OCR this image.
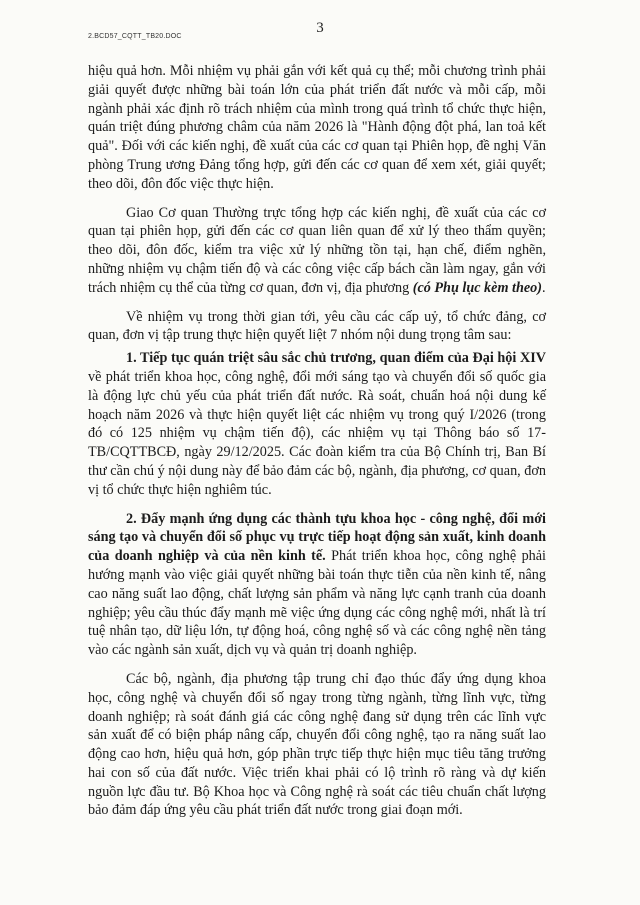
2.BCD57_CQTT_TB20.DOC
3

hiệu quả hơn. Mỗi nhiệm vụ phải gắn với kết quả cụ thể; mỗi chương trình phải giải quyết được những bài toán lớn của phát triển đất nước và mỗi cấp, mỗi ngành phải xác định rõ trách nhiệm của mình trong quá trình tổ chức thực hiện, quán triệt đúng phương châm của năm 2026 là "Hành động đột phá, lan toả kết quả". Đối với các kiến nghị, đề xuất của các cơ quan tại Phiên họp, đề nghị Văn phòng Trung ương Đảng tổng hợp, gửi đến các cơ quan để xem xét, giải quyết; theo dõi, đôn đốc việc thực hiện.

Giao Cơ quan Thường trực tổng hợp các kiến nghị, đề xuất của các cơ quan tại phiên họp, gửi đến các cơ quan liên quan để xử lý theo thẩm quyền; theo dõi, đôn đốc, kiểm tra việc xử lý những tồn tại, hạn chế, điểm nghẽn, những nhiệm vụ chậm tiến độ và các công việc cấp bách cần làm ngay, gắn với trách nhiệm cụ thể của từng cơ quan, đơn vị, địa phương (có Phụ lục kèm theo).

Về nhiệm vụ trong thời gian tới, yêu cầu các cấp uỷ, tổ chức đảng, cơ quan, đơn vị tập trung thực hiện quyết liệt 7 nhóm nội dung trọng tâm sau:

1. Tiếp tục quán triệt sâu sắc chủ trương, quan điểm của Đại hội XIV về phát triển khoa học, công nghệ, đổi mới sáng tạo và chuyển đổi số quốc gia là động lực chủ yếu của phát triển đất nước. Rà soát, chuẩn hoá nội dung kế hoạch năm 2026 và thực hiện quyết liệt các nhiệm vụ trong quý I/2026 (trong đó có 125 nhiệm vụ chậm tiến độ), các nhiệm vụ tại Thông báo số 17-TB/CQTTBCĐ, ngày 29/12/2025. Các đoàn kiểm tra của Bộ Chính trị, Ban Bí thư cần chú ý nội dung này để bảo đảm các bộ, ngành, địa phương, cơ quan, đơn vị tổ chức thực hiện nghiêm túc.

2. Đẩy mạnh ứng dụng các thành tựu khoa học - công nghệ, đổi mới sáng tạo và chuyển đổi số phục vụ trực tiếp hoạt động sản xuất, kinh doanh của doanh nghiệp và của nền kinh tế. Phát triển khoa học, công nghệ phải hướng mạnh vào việc giải quyết những bài toán thực tiễn của nền kinh tế, nâng cao năng suất lao động, chất lượng sản phẩm và năng lực cạnh tranh của doanh nghiệp; yêu cầu thúc đẩy mạnh mẽ việc ứng dụng các công nghệ mới, nhất là trí tuệ nhân tạo, dữ liệu lớn, tự động hoá, công nghệ số và các công nghệ nền tảng vào các ngành sản xuất, dịch vụ và quản trị doanh nghiệp.

Các bộ, ngành, địa phương tập trung chỉ đạo thúc đẩy ứng dụng khoa học, công nghệ và chuyển đổi số ngay trong từng ngành, từng lĩnh vực, từng doanh nghiệp; rà soát đánh giá các công nghệ đang sử dụng trên các lĩnh vực sản xuất để có biện pháp nâng cấp, chuyển đổi công nghệ, tạo ra năng suất lao động cao hơn, hiệu quả hơn, góp phần trực tiếp thực hiện mục tiêu tăng trưởng hai con số của đất nước. Việc triển khai phải có lộ trình rõ ràng và dự kiến nguồn lực đầu tư. Bộ Khoa học và Công nghệ rà soát các tiêu chuẩn chất lượng bảo đảm đáp ứng yêu cầu phát triển đất nước trong giai đoạn mới.
